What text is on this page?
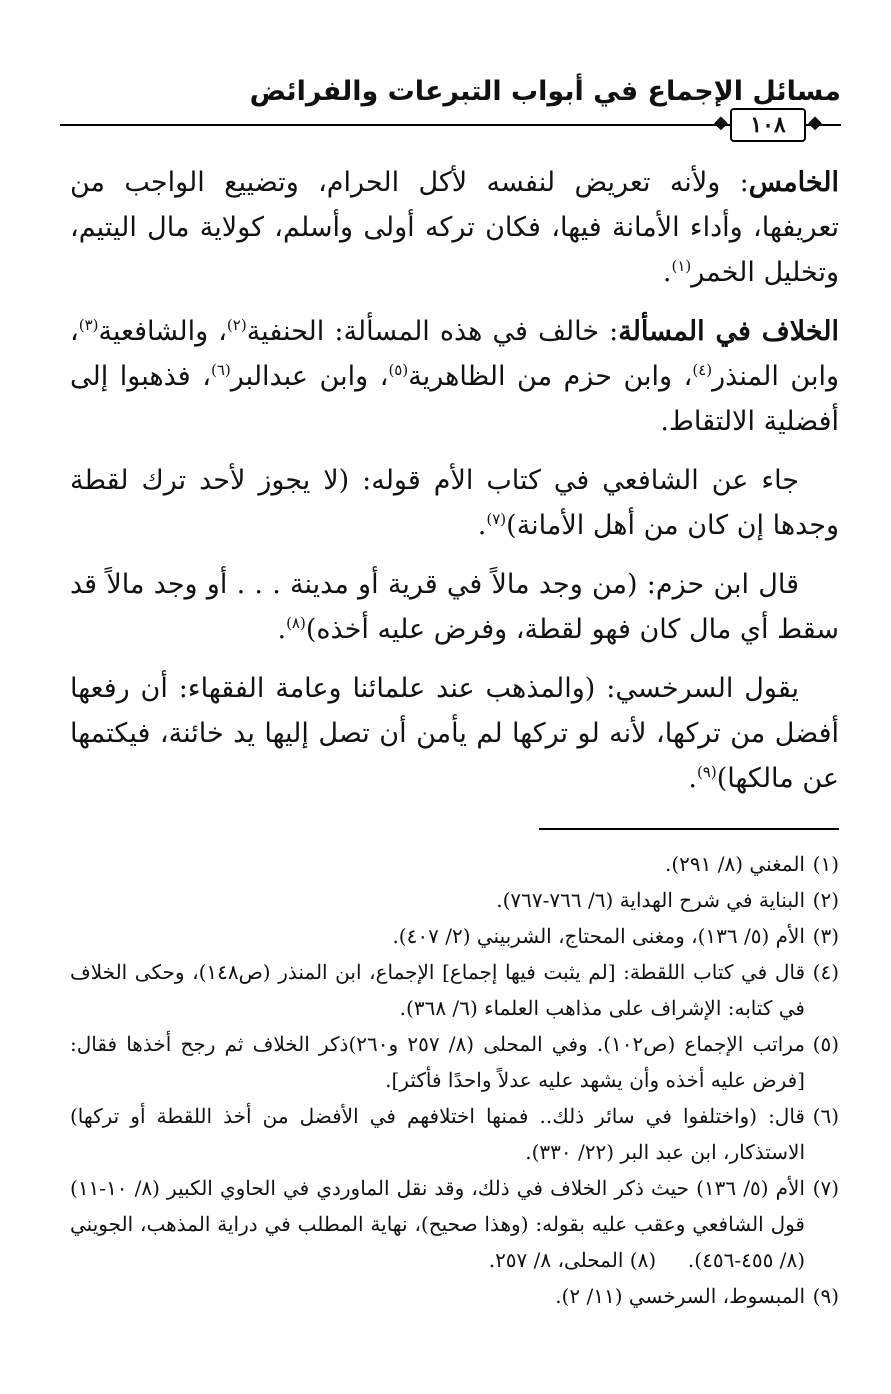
مسائل الإجماع في أبواب التبرعات والفرائض
◆ ١٠٨ ◆

الخامس: ولأنه تعريض لنفسه لأكل الحرام، وتضييع الواجب من تعريفها، وأداء الأمانة فيها، فكان تركه أولى وأسلم، كولاية مال اليتيم، وتخليل الخمر$^{(١)}$.

الخلاف في المسألة: خالف في هذه المسألة: الحنفية$^{(٢)}$، والشافعية$^{(٣)}$، وابن المنذر$^{(٤)}$، وابن حزم من الظاهرية$^{(٥)}$، وابن عبدالبر$^{(٦)}$، فذهبوا إلى أفضلية الالتقاط.

جاء عن الشافعي في كتاب الأم قوله: (لا يجوز لأحد ترك لقطة وجدها إن كان من أهل الأمانة)$^{(٧)}$.

قال ابن حزم: (من وجد مالاً في قرية أو مدينة . . . أو وجد مالاً قد سقط أي مال كان فهو لقطة، وفرض عليه أخذه)$^{(٨)}$.

يقول السرخسي: (والمذهب عند علمائنا وعامة الفقهاء: أن رفعها أفضل من تركها، لأنه لو تركها لم يأمن أن تصل إليها يد خائنة، فيكتمها عن مالكها)$^{(٩)}$.

(١)
المغني (٨/ ٢٩١).
(٢)
البناية في شرح الهداية (٦/ ٧٦٦-٧٦٧).
(٣)
الأم (٥/ ١٣٦)، ومغنى المحتاج، الشربيني (٢/ ٤٠٧).
(٤)
قال في كتاب اللقطة: [لم يثبت فيها إجماع] الإجماع، ابن المنذر (ص١٤٨)، وحكى الخلاف في كتابه: الإشراف على مذاهب العلماء (٦/ ٣٦٨).
(٥)
مراتب الإجماع (ص١٠٢). وفي المحلى (٨/ ٢٥٧ و٢٦٠)ذكر الخلاف ثم رجح أخذها فقال: [فرض عليه أخذه وأن يشهد عليه عدلاً واحدًا فأكثر].
(٦)
قال: (واختلفوا في سائر ذلك.. فمنها اختلافهم في الأفضل من أخذ اللقطة أو تركها) الاستذكار، ابن عبد البر (٢٢/ ٣٣٠).
(٧)
الأم (٥/ ١٣٦) حيث ذكر الخلاف في ذلك، وقد نقل الماوردي في الحاوي الكبير (٨/ ١٠-١١) قول الشافعي وعقب عليه بقوله: (وهذا صحيح)، نهاية المطلب في دراية المذهب، الجويني (٨/ ٤٥٥-٤٥٦).     (٨) المحلى، ٨/ ٢٥٧.
(٩)
المبسوط، السرخسي (١١/ ٢).
